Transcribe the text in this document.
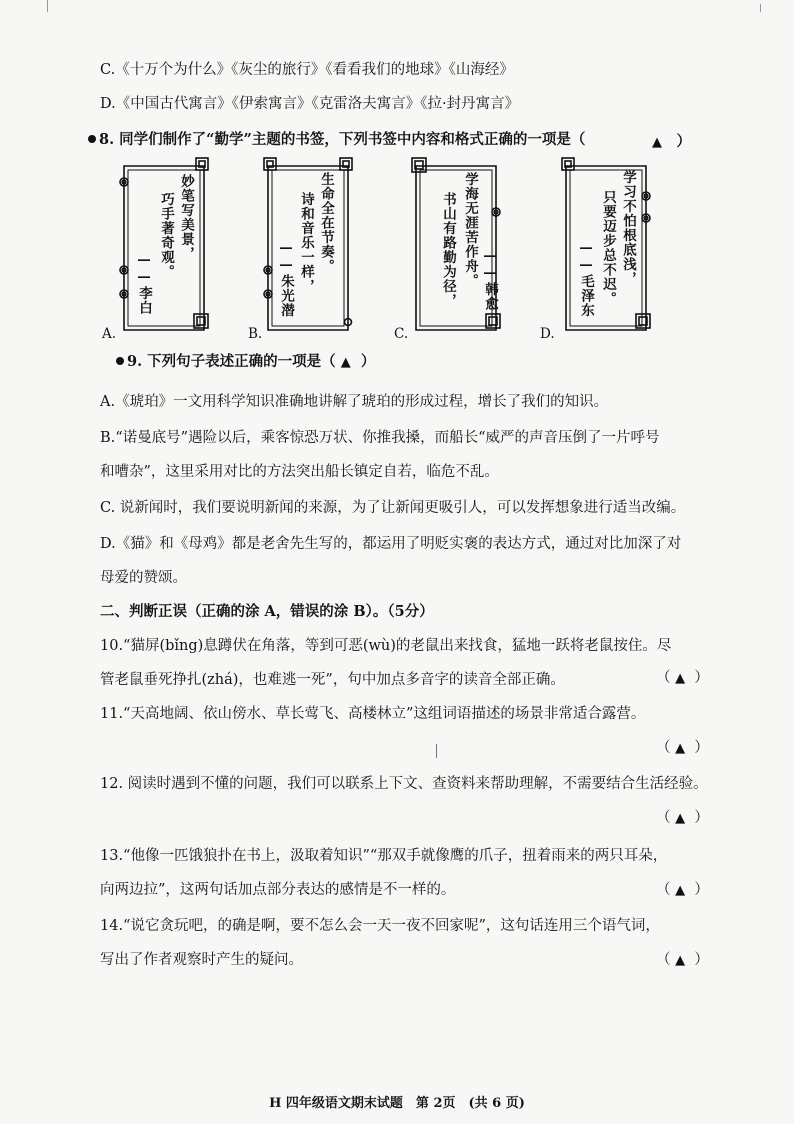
C.《十万个为什么》《灰尘的旅行》《看看我们的地球》《山海经》
D.《中国古代寓言》《伊索寓言》《克雷洛夫寓言》《拉·封丹寓言》
8. 同学们制作了“勤学”主题的书签，下列书签中内容和格式正确的一项是（	▲　 ）
妙笔写美景，
巧手著奇观。
——李白
A.
生命全在节奏。
诗和音乐一样，
——朱光潜
B.
学海无涯苦作舟。
书山有路勤为径， ——韩愈
C.
学习不怕根底浅，
只要迈步总不迟。
——毛泽东
D.
9. 下列句子表述正确的一项是（ ▲ ）
A.《琥珀》一文用科学知识准确地讲解了琥珀的形成过程，增长了我们的知识。
B.“诺曼底号”遇险以后，乘客惊恐万状、你推我搡，而船长“威严的声音压倒了一片呼号
和嘈杂”，这里采用对比的方法突出船长镇定自若，临危不乱。
C. 说新闻时，我们要说明新闻的来源，为了让新闻更吸引人，可以发挥想象进行适当改编。
D.《猫》和《母鸡》都是老舍先生写的，都运用了明贬实褒的表达方式，通过对比加深了对
母爱的赞颂。
二、判断正误（正确的涂 A，错误的涂 B）。（5分）
10.“猫屏(bǐng)息蹲伏在角落，等到可恶(wù)的老鼠出来找食，猛地一跃将老鼠按住。尽
管老鼠垂死挣扎(zhá)，也难逃一死”，句中加点多音字的读音全部正确。	（ ▲ ）
11.“天高地阔、依山傍水、草长莺飞、高楼林立”这组词语描述的场景非常适合露营。
（ ▲ ）
12. 阅读时遇到不懂的问题，我们可以联系上下文、查资料来帮助理解，不需要结合生活经验。
（ ▲ ）
13.“他像一匹饿狼扑在书上，汲取着知识”“那双手就像鹰的爪子，扭着雨来的两只耳朵，
向两边拉”，这两句话加点部分表达的感情是不一样的。	（ ▲ ）
14.“说它贪玩吧，的确是啊，要不怎么会一天一夜不回家呢”，这句话连用三个语气词，
写出了作者观察时产生的疑问。	（ ▲ ）
H 四年级语文期末试题　第 2页　(共 6 页)
